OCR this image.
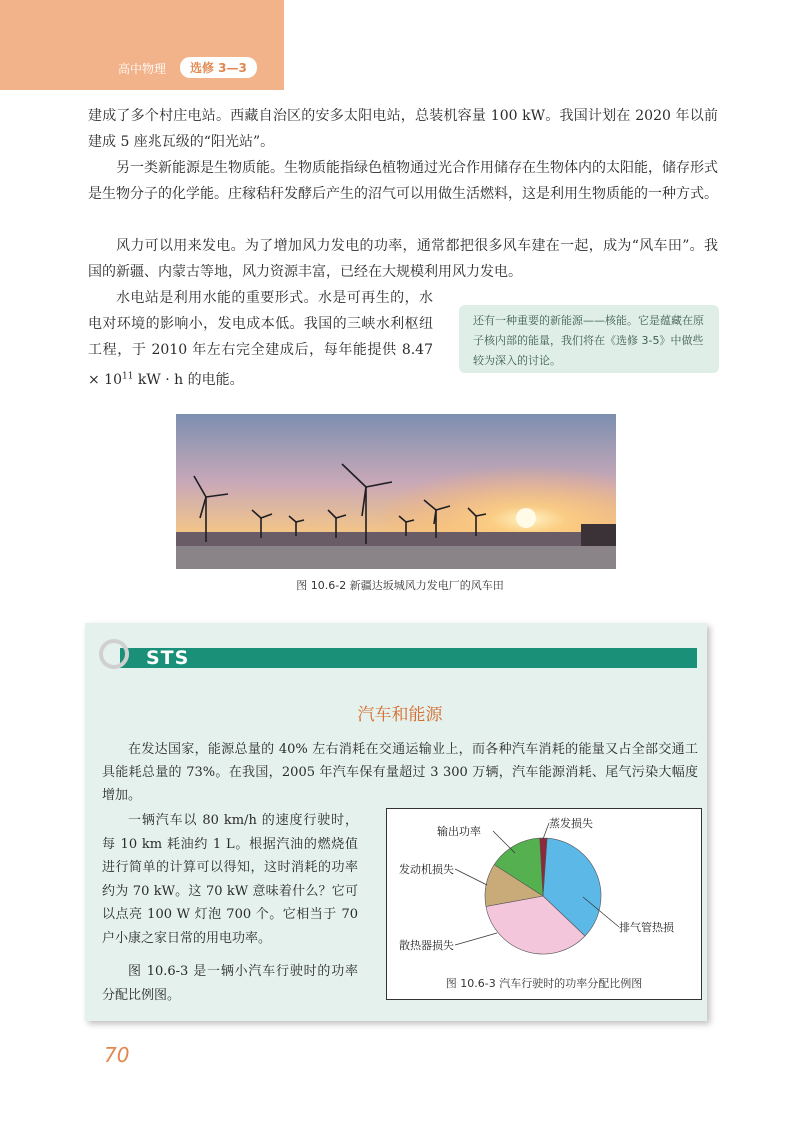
高中物理	选修 3—3

建成了多个村庄电站。西藏自治区的安多太阳电站，总装机容量 100 kW。我国计划在 2020 年以前建成 5 座兆瓦级的“阳光站”。

另一类新能源是生物质能。生物质能指绿色植物通过光合作用储存在生物体内的太阳能，储存形式是生物分子的化学能。庄稼秸秆发酵后产生的沼气可以用做生活燃料，这是利用生物质能的一种方式。

风力可以用来发电。为了增加风力发电的功率，通常都把很多风车建在一起，成为“风车田”。我国的新疆、内蒙古等地，风力资源丰富，已经在大规模利用风力发电。

水电站是利用水能的重要形式。水是可再生的，水电对环境的影响小，发电成本低。我国的三峡水利枢纽工程，于 2010 年左右完全建成后，每年能提供 $8.47 \times 10^{11}$ kW · h 的电能。

还有一种重要的新能源——核能。它是蕴藏在原子核内部的能量，我们将在《选修 3-5》中做些较为深入的讨论。

图 10.6-2 新疆达坂城风力发电厂的风车田
STS
汽车和能源

在发达国家，能源总量的 40% 左右消耗在交通运输业上，而各种汽车消耗的能量又占全部交通工具能耗总量的 73%。在我国，2005 年汽车保有量超过 3 300 万辆，汽车能源消耗、尾气污染大幅度增加。

一辆汽车以 80 km/h 的速度行驶时，每 10 km 耗油约 1 L。根据汽油的燃烧值进行简单的计算可以得知，这时消耗的功率约为 70 kW。这 70 kW 意味着什么？它可以点亮 100 W 灯泡 700 个。它相当于 70 户小康之家日常的用电功率。

图 10.6-3 是一辆小汽车行驶时的功率分配比例图。

排气管热损
散热器损失
发动机损失
输出功率
蒸发损失
图 10.6-3 汽车行驶时的功率分配比例图
70
